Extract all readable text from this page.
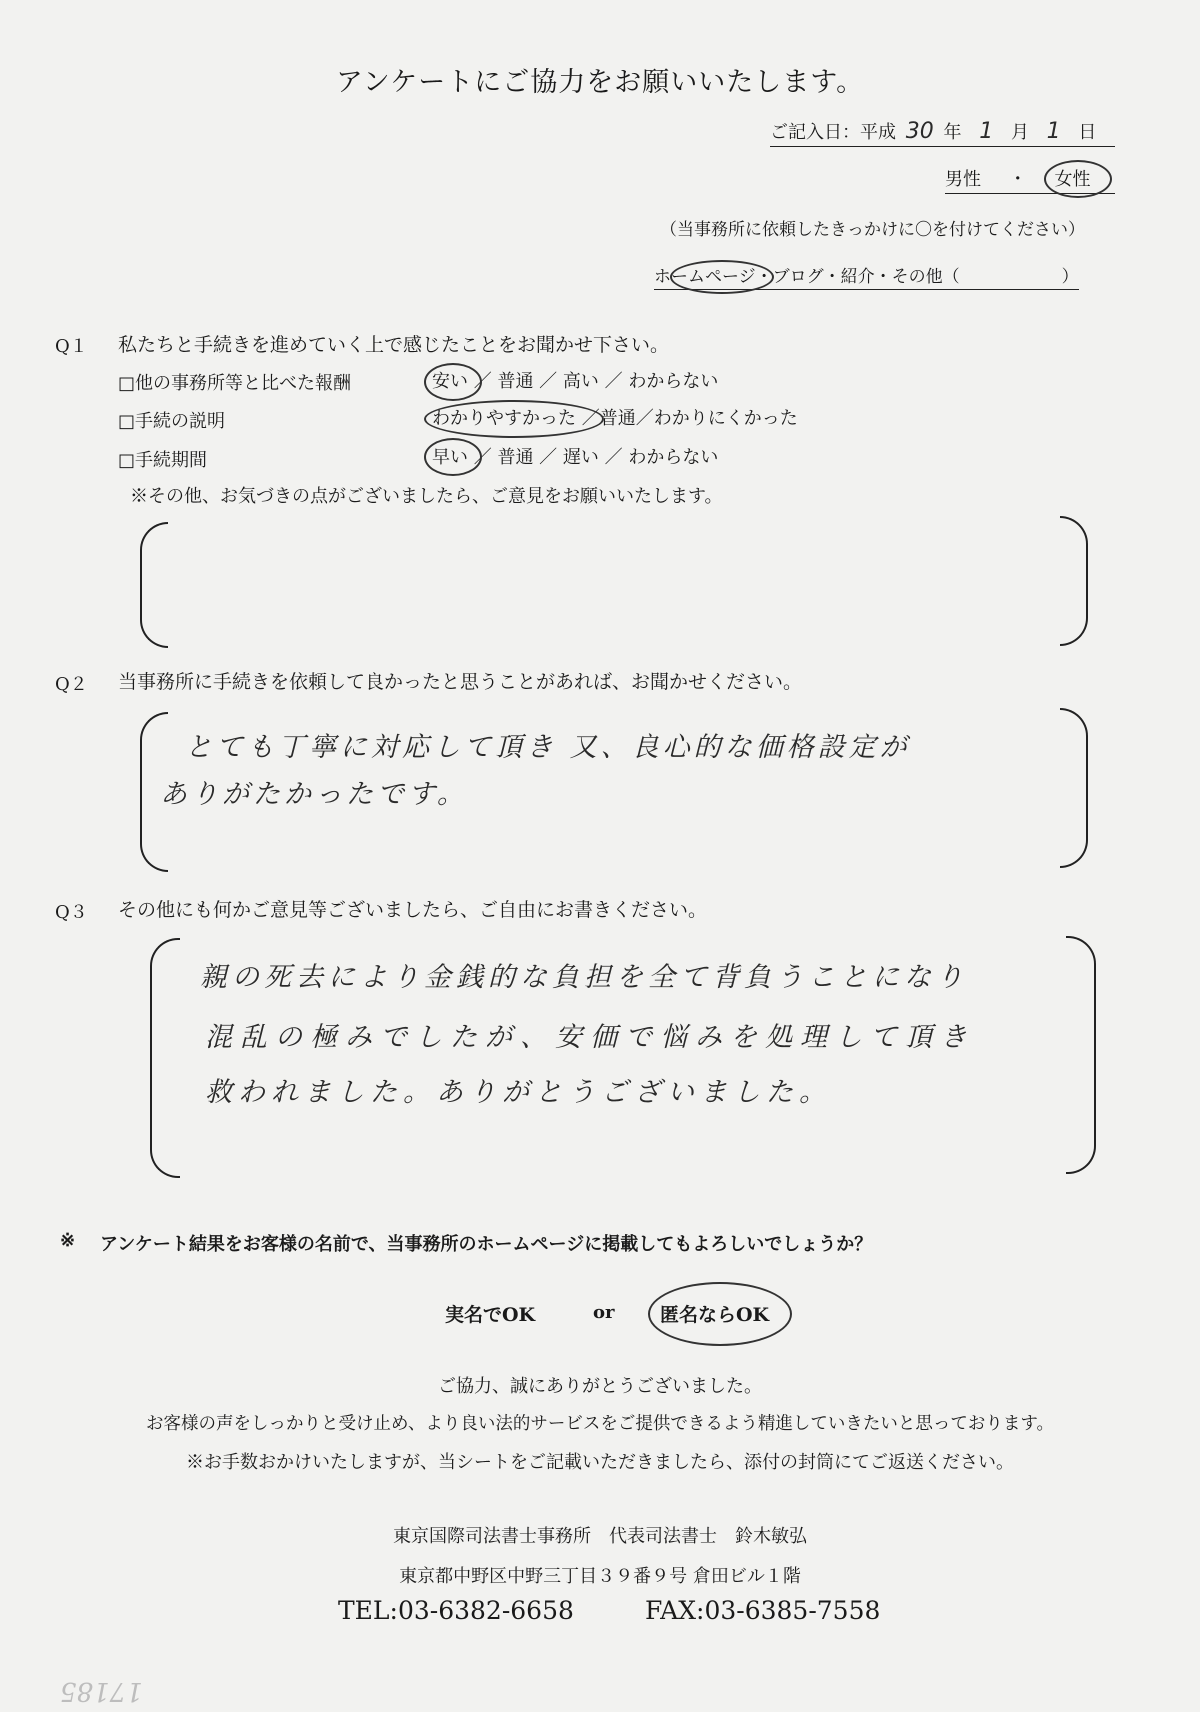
アンケートにご協力をお願いいたします。
ご記入日：平成 30 年 1 月 1 日
男性 ・ 女性
（当事務所に依頼したきっかけに〇を付けてください）
ホームページ・ブログ・紹介・その他（　　　　　　）
Q１ 私たちと手続きを進めていく上で感じたことをお聞かせ下さい。
□他の事務所等と比べた報酬	安い ／ 普通 ／ 高い ／ わからない
□手続の説明	わかりやすかった ／普通／わかりにくかった
□手続期間	早い ／ 普通 ／ 遅い ／ わからない
※その他、お気づきの点がございましたら、ご意見をお願いいたします。
Q２ 当事務所に手続きを依頼して良かったと思うことがあれば、お聞かせください。
とても丁寧に対応して頂き 又、良心的な価格設定が
ありがたかったです。
Q３ その他にも何かご意見等ございましたら、ご自由にお書きください。
親の死去により金銭的な負担を全て背負うことになり
混乱の極みでしたが、安価で悩みを処理して頂き
救われました。ありがとうございました。
※ アンケート結果をお客様の名前で、当事務所のホームページに掲載してもよろしいでしょうか？
実名でOK	or 匿名ならOK
ご協力、誠にありがとうございました。
お客様の声をしっかりと受け止め、より良い法的サービスをご提供できるよう精進していきたいと思っております。
※お手数おかけいたしますが、当シートをご記載いただきましたら、添付の封筒にてご返送ください。
東京国際司法書士事務所　代表司法書士　鈴木敏弘
東京都中野区中野三丁目３９番９号 倉田ビル１階
TEL:03-6382-6658	FAX:03-6385-7558
17185
